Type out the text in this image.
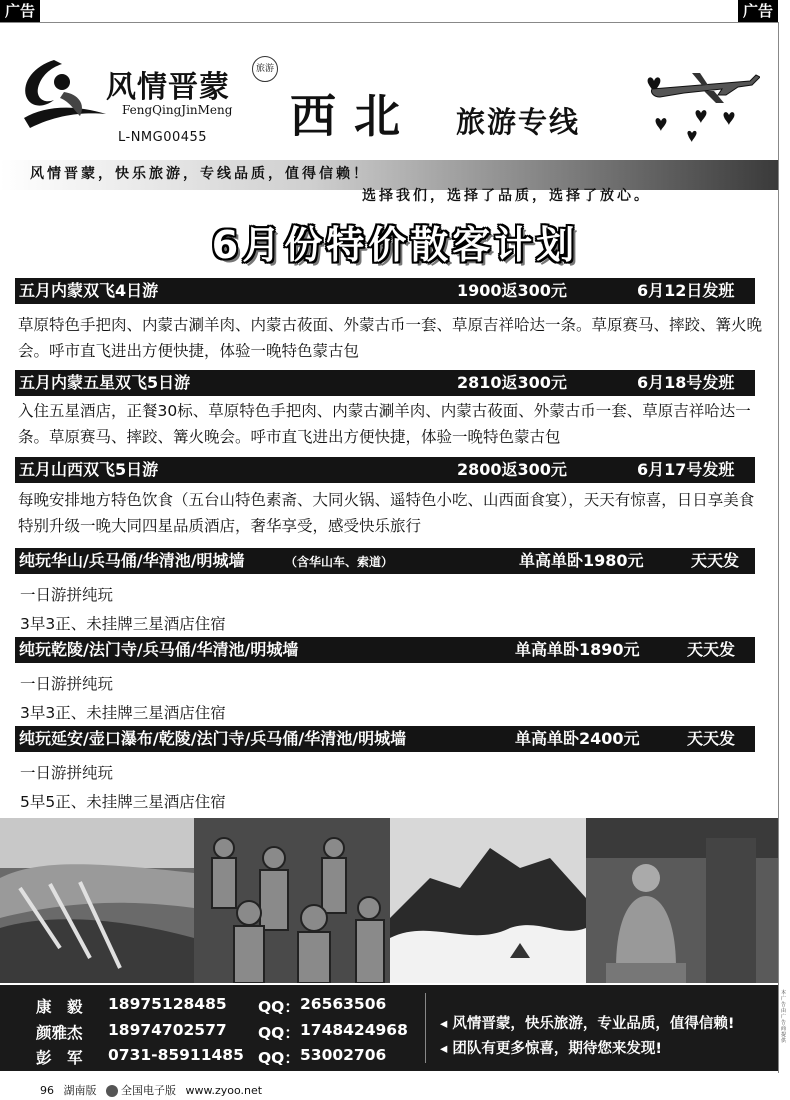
广告	广告
风情晋蒙
旅游
FengQingJinMeng
L-NMG00455 西北 旅游专线
风情晋蒙，快乐旅游，专线品质，值得信赖！
选择我们，选择了品质，选择了放心。
6月份特价散客计划
五月内蒙双飞4日游	1900返300元	6月12日发班
草原特色手把肉、内蒙古涮羊肉、内蒙古莜面、外蒙古币一套、草原吉祥哈达一条。草原赛马、摔跤、篝火晚会。呼市直飞进出方便快捷，体验一晚特色蒙古包
五月内蒙五星双飞5日游	2810返300元	6月18号发班
入住五星酒店，正餐30标、草原特色手把肉、内蒙古涮羊肉、内蒙古莜面、外蒙古币一套、草原吉祥哈达一条。草原赛马、摔跤、篝火晚会。呼市直飞进出方便快捷，体验一晚特色蒙古包
五月山西双飞5日游	2800返300元	6月17号发班
每晚安排地方特色饮食（五台山特色素斋、大同火锅、遥特色小吃、山西面食宴），天天有惊喜，日日享美食特别升级一晚大同四星品质酒店，奢华享受，感受快乐旅行
纯玩华山/兵马俑/华清池/明城墙	（含华山车、索道）	单高单卧1980元	天天发
一日游拼纯玩
3早3正、未挂牌三星酒店住宿
纯玩乾陵/法门寺/兵马俑/华清池/明城墙	单高单卧1890元	天天发
一日游拼纯玩
3早3正、未挂牌三星酒店住宿
纯玩延安/壶口瀑布/乾陵/法门寺/兵马俑/华清池/明城墙	单高单卧2400元	天天发
一日游拼纯玩
5早5正、未挂牌三星酒店住宿
康　毅 18975128485 QQ： 26563506
颜雅杰 18974702577 QQ： 1748424968
彭　军 0731-85911485 QQ： 53002706
◂ 风情晋蒙，快乐旅游，专业品质，值得信赖!
◂ 团队有更多惊喜，期待您来发现!
本广告由广告商提供
96 湖南版 全国电子版 www.zyoo.net
